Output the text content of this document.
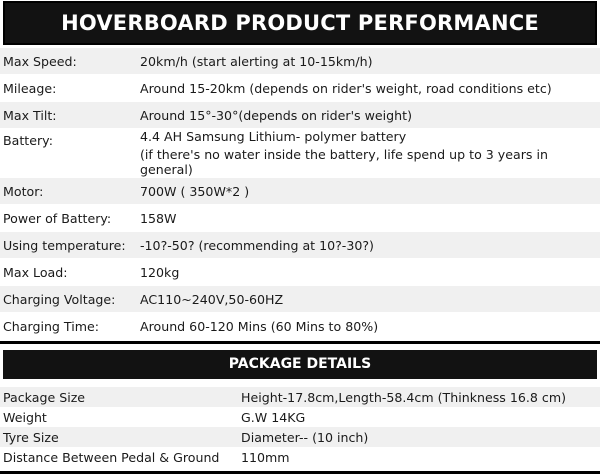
HOVERBOARD PRODUCT PERFORMANCE

Max Speed:	20km/h (start alerting at 10-15km/h)
Mileage:	Around 15-20km (depends on rider's weight, road conditions etc)
Max Tilt:	Around 15°-30°(depends on rider's weight)
Battery:	4.4 AH Samsung Lithium- polymer battery
(if there's no water inside the battery, life spend up to 3 years in general)

Motor:	700W ( 350W*2 )
Power of Battery:	158W
Using temperature:	-10?-50? (recommending at 10?-30?)
Max Load:	120kg
Charging Voltage:	AC110~240V,50-60HZ
Charging Time:	Around 60-120 Mins (60 Mins to 80%)
PACKAGE DETAILS
Package Size	Height-17.8cm,Length-58.4cm (Thinkness 16.8 cm)
Weight	G.W 14KG
Tyre Size	Diameter-- (10 inch)
Distance Between Pedal & Ground	110mm
